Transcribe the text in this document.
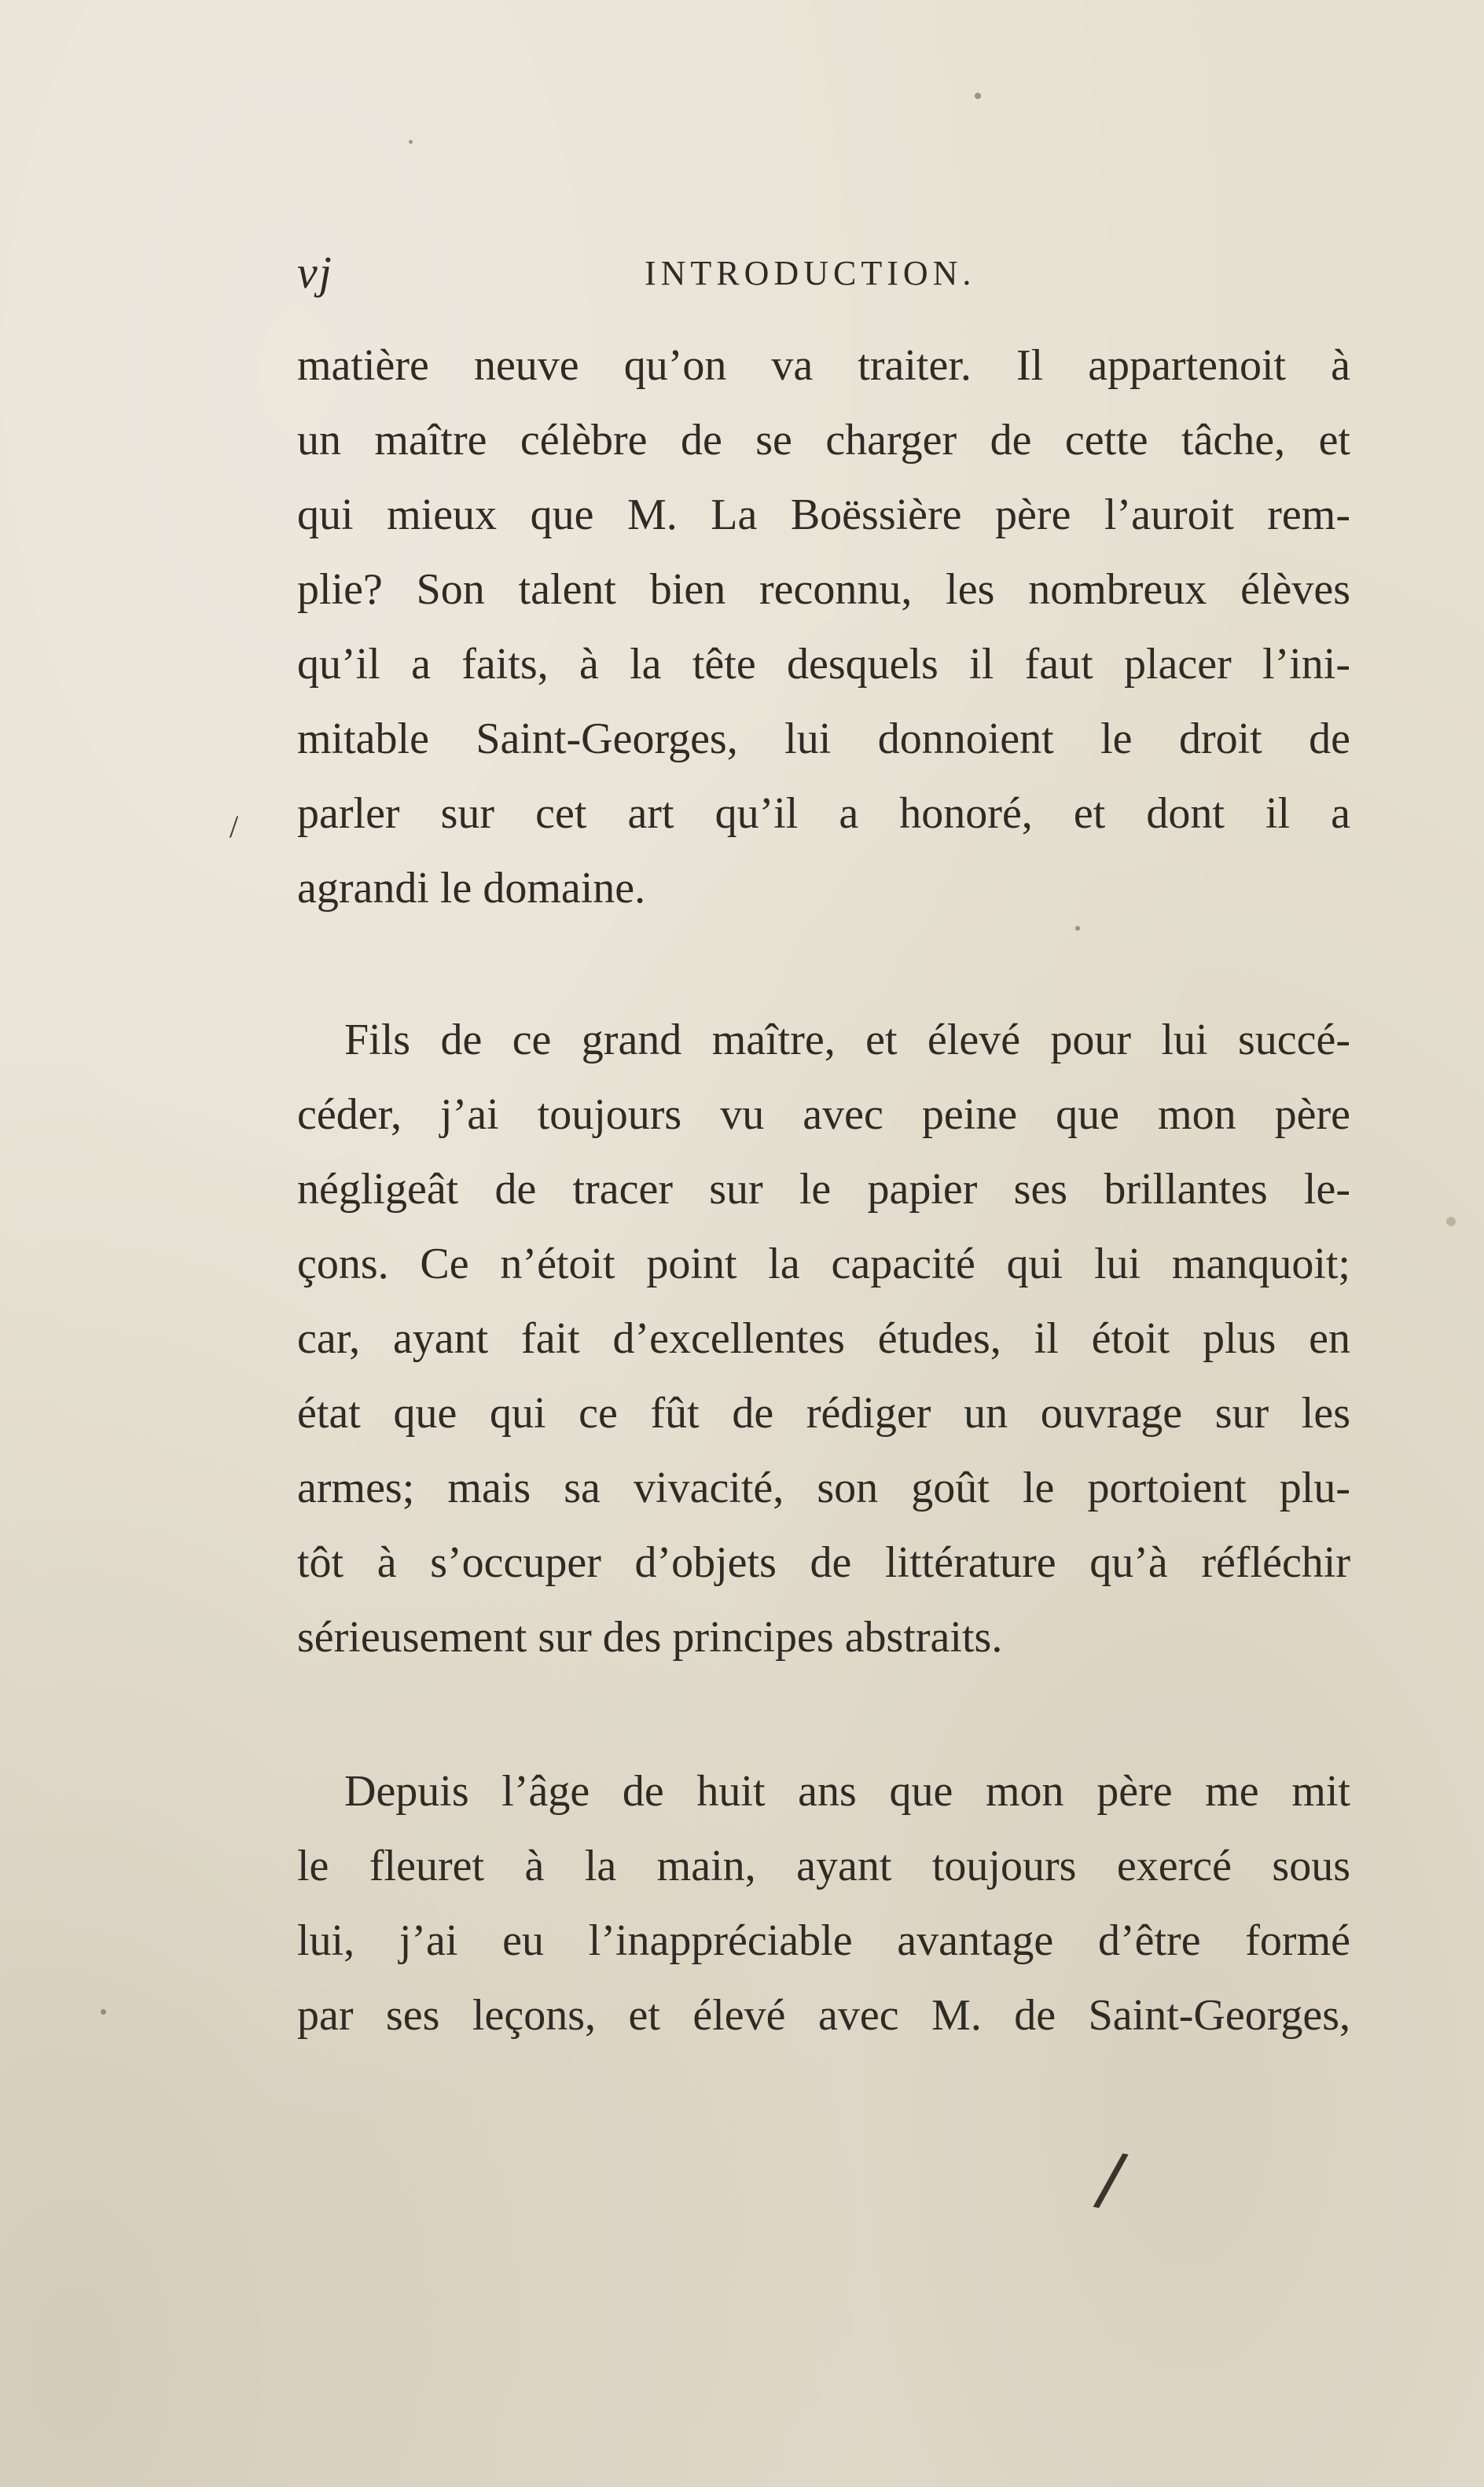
vj	INTRODUCTION.
matière neuve qu’on va traiter. Il appartenoit à
un maître célèbre de se charger de cette tâche, et
qui mieux que M. La Boëssière père l’auroit rem-
plie? Son talent bien reconnu, les nombreux élèves
qu’il a faits, à la tête desquels il faut placer l’ini-
mitable Saint-Georges, lui donnoient le droit de
parler sur cet art qu’il a honoré, et dont il a
agrandi le domaine.
Fils de ce grand maître, et élevé pour lui succé-
céder, j’ai toujours vu avec peine que mon père
négligeât de tracer sur le papier ses brillantes le-
çons. Ce n’étoit point la capacité qui lui manquoit;
car, ayant fait d’excellentes études, il étoit plus en
état que qui ce fût de rédiger un ouvrage sur les
armes; mais sa vivacité, son goût le portoient plu-
tôt à s’occuper d’objets de littérature qu’à réfléchir
sérieusement sur des principes abstraits.
Depuis l’âge de huit ans que mon père me mit
le fleuret à la main, ayant toujours exercé sous
lui, j’ai eu l’inappréciable avantage d’être formé
par ses leçons, et élevé avec M. de Saint-Georges,
/
/
